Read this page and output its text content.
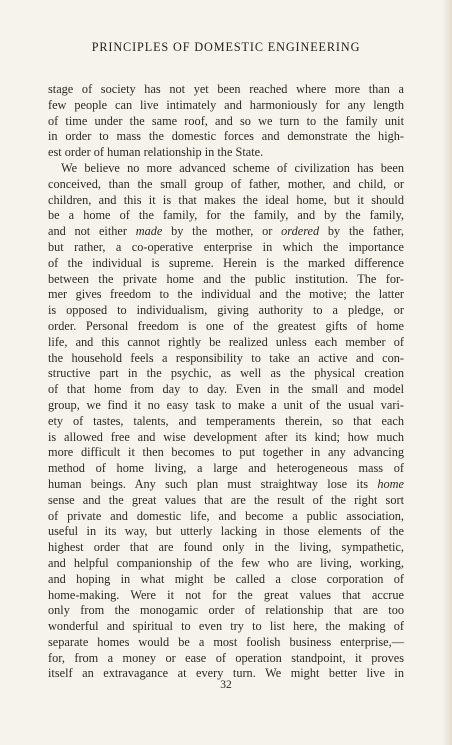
PRINCIPLES OF DOMESTIC ENGINEERING
stage of society has not yet been reached where more than a
few people can live intimately and harmoniously for any length
of time under the same roof, and so we turn to the family unit
in order to mass the domestic forces and demonstrate the high-
est order of human relationship in the State.
We believe no more advanced scheme of civilization has been
conceived, than the small group of father, mother, and child, or
children, and this it is that makes the ideal home, but it should
be a home of the family, for the family, and by the family,
and not either made by the mother, or ordered by the father,
but rather, a co-operative enterprise in which the importance
of the individual is supreme. Herein is the marked difference
between the private home and the public institution. The for-
mer gives freedom to the individual and the motive; the latter
is opposed to individualism, giving authority to a pledge, or
order. Personal freedom is one of the greatest gifts of home
life, and this cannot rightly be realized unless each member of
the household feels a responsibility to take an active and con-
structive part in the psychic, as well as the physical creation
of that home from day to day. Even in the small and model
group, we find it no easy task to make a unit of the usual vari-
ety of tastes, talents, and temperaments therein, so that each
is allowed free and wise development after its kind; how much
more difficult it then becomes to put together in any advancing
method of home living, a large and heterogeneous mass of
human beings. Any such plan must straightway lose its home
sense and the great values that are the result of the right sort
of private and domestic life, and become a public association,
useful in its way, but utterly lacking in those elements of the
highest order that are found only in the living, sympathetic,
and helpful companionship of the few who are living, working,
and hoping in what might be called a close corporation of
home-making. Were it not for the great values that accrue
only from the monogamic order of relationship that are too
wonderful and spiritual to even try to list here, the making of
separate homes would be a most foolish business enterprise,—
for, from a money or ease of operation standpoint, it proves
itself an extravagance at every turn. We might better live in
32
